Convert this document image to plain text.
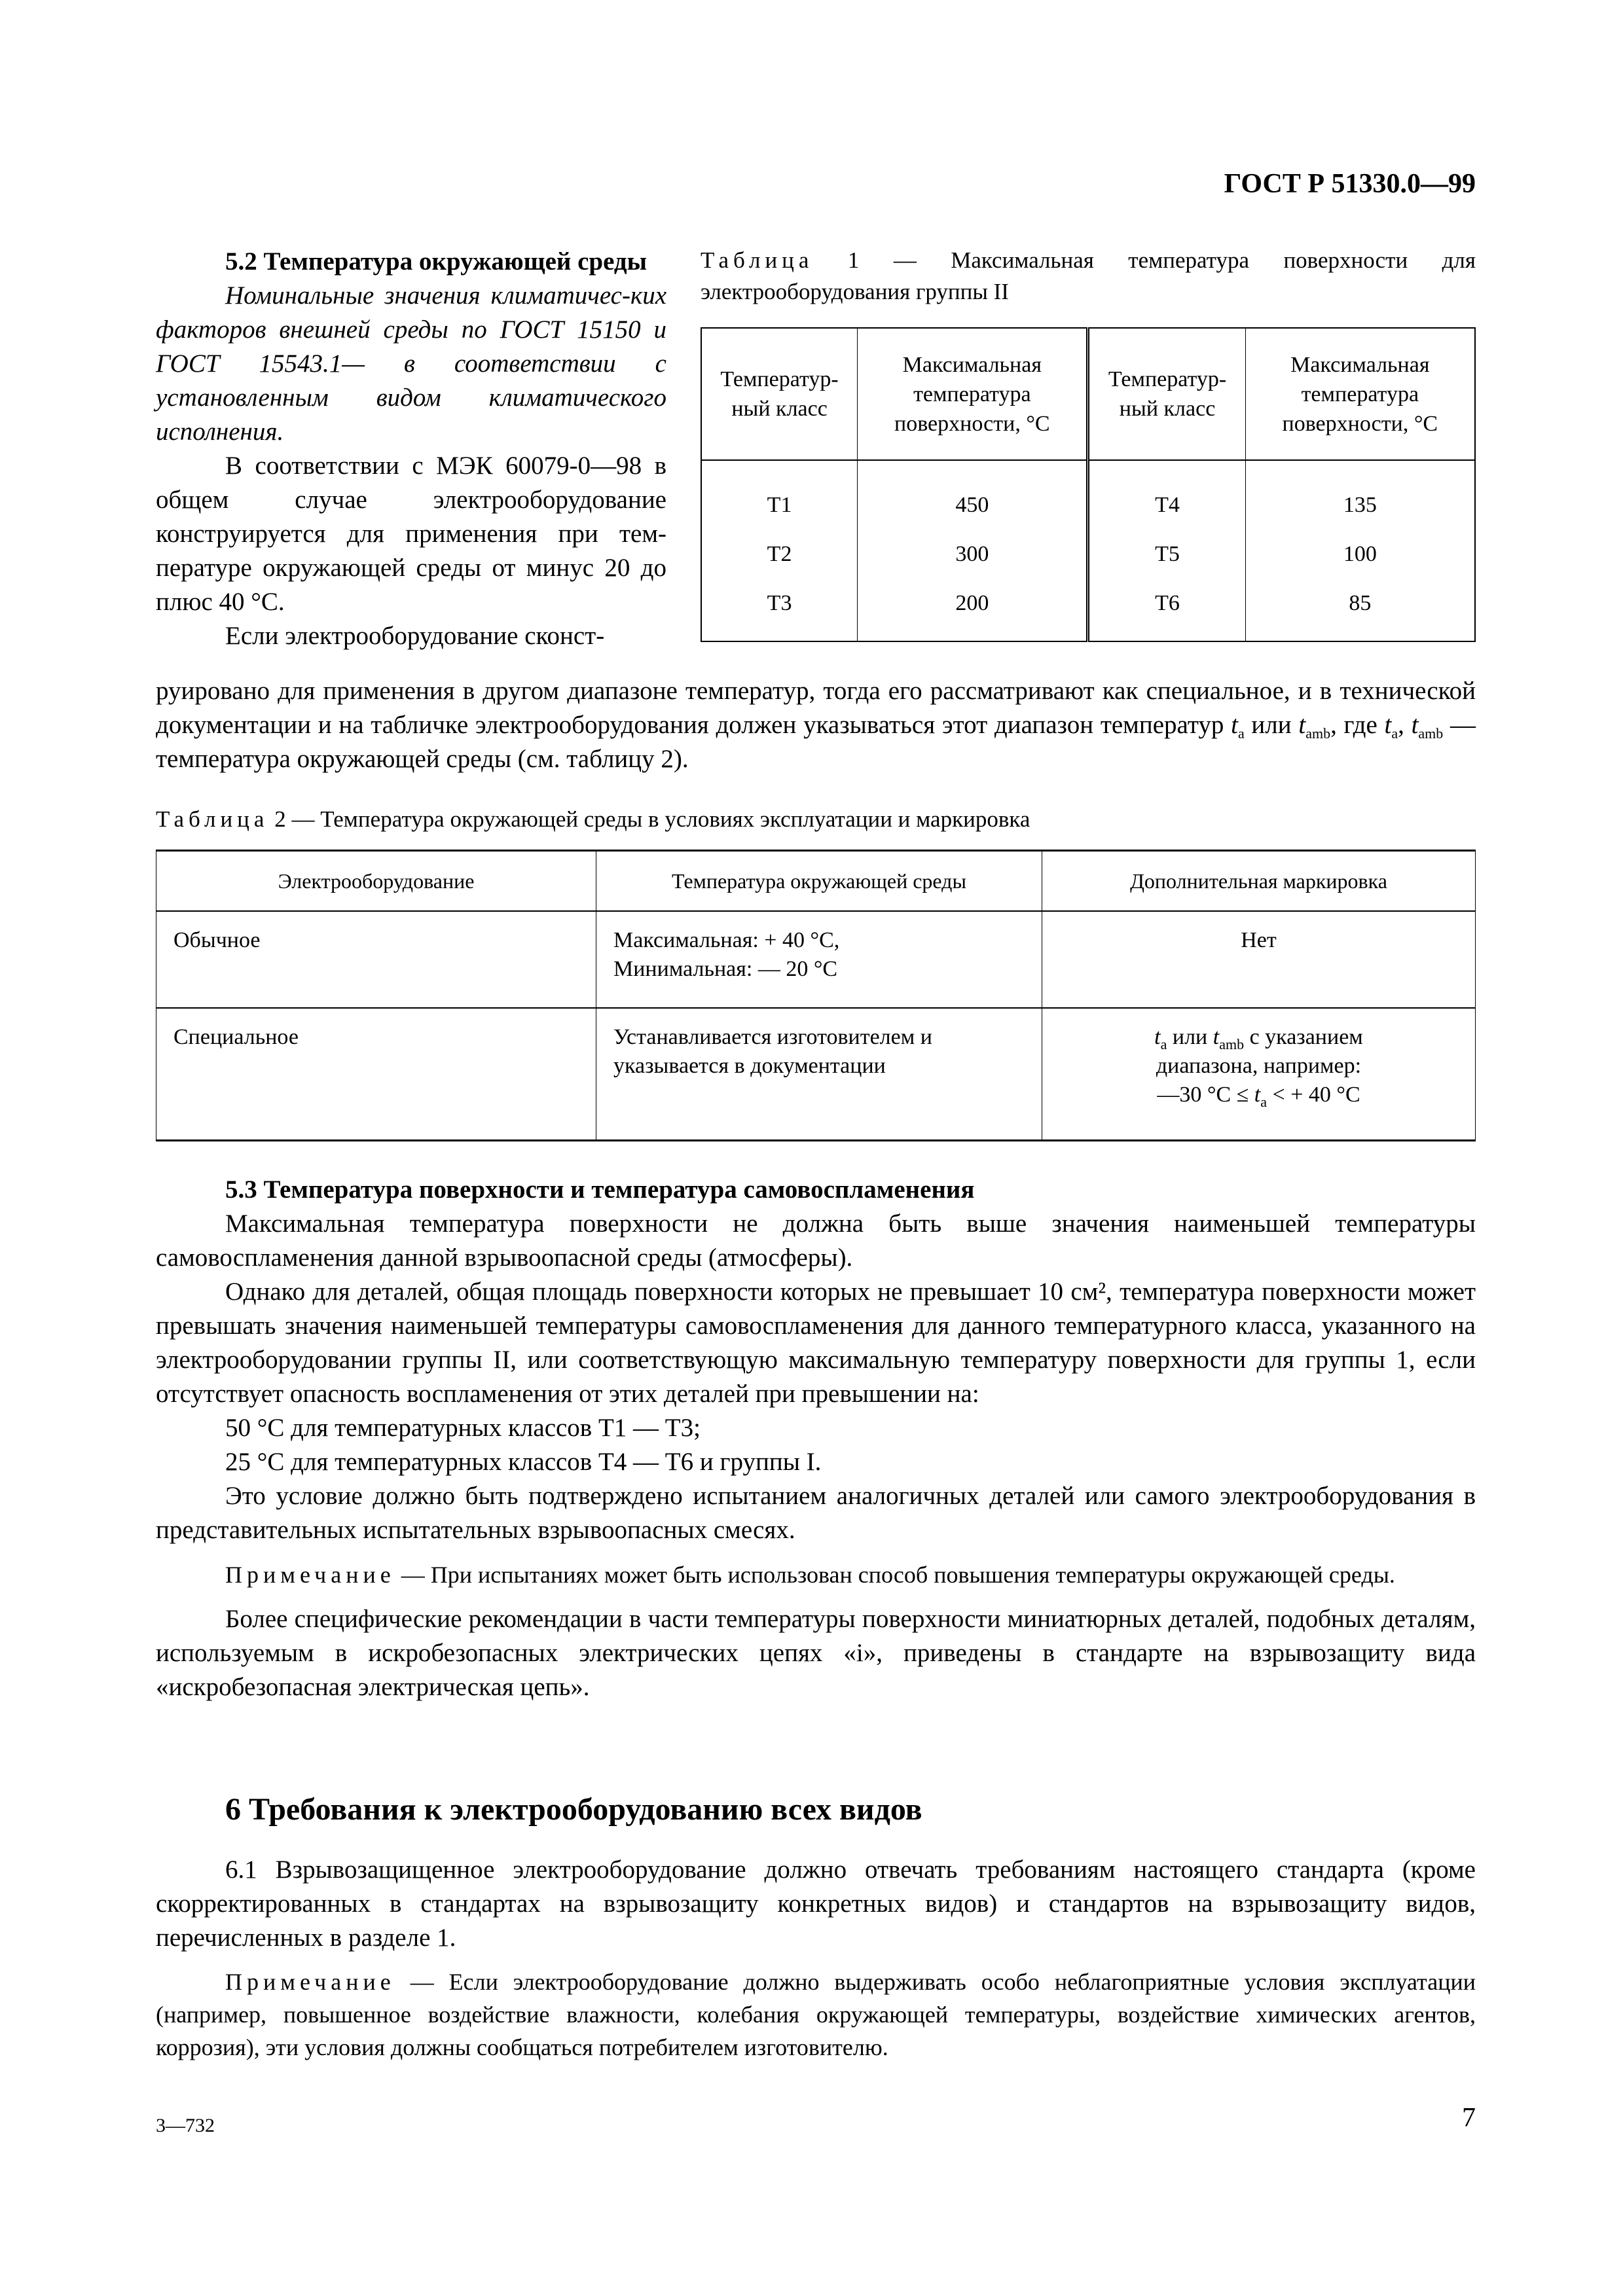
ГОСТ Р 51330.0—99

5.2 Температура окружающей среды

Номинальные значения климатичес-ких факторов внешней среды по ГОСТ 15150 и ГОСТ 15543.1— в соответствии с установленным видом климатического исполнения.

В соответствии с МЭК 60079-0—98 в общем случае электрооборудование конструируется для применения при тем-пературе окружающей среды от минус 20 до плюс 40 °С.

Если электрооборудование сконст-

Таблица 1 — Максимальная температура поверхности для электрооборудования группы II

Температур-ный класс	Максимальная температура поверхности, °С	Температур-ный класс	Максимальная температура поверхности, °С
Т1	450	Т4	135
Т2	300	Т5	100
Т3	200	Т6	85
руировано для применения в другом диапазоне температур, тогда его рассматривают как специальное, и в технической документации и на табличке электрооборудования должен указываться этот диапазон температур $t_a$ или $t_{amb}$, где $t_a$, $t_{amb}$ — температура окружающей среды (см. таблицу 2).

Таблица 2 — Температура окружающей среды в условиях эксплуатации и маркировка

Электрооборудование	Температура окружающей среды	Дополнительная маркировка
Обычное	Максимальная: + 40 °С,
Минимальная: — 20 °С	Нет
Специальное	Устанавливается изготовителем и указывается в документации	$t_a$ или $t_{amb}$ с указанием
диапазона, например:
—30 $^\circ С \le t_a$ < + 40 °С

5.3 Температура поверхности и температура самовоспламенения

Максимальная температура поверхности не должна быть выше значения наименьшей температуры самовоспламенения данной взрывоопасной среды (атмосферы).

Однако для деталей, общая площадь поверхности которых не превышает 10 см², температура поверхности может превышать значения наименьшей температуры самовоспламенения для данного температурного класса, указанного на электрооборудовании группы II, или соответствующую максимальную температуру поверхности для группы 1, если отсутствует опасность воспламенения от этих деталей при превышении на:

50 °С для температурных классов Т1 — Т3;

25 °С для температурных классов Т4 — Т6 и группы I.

Это условие должно быть подтверждено испытанием аналогичных деталей или самого электрооборудования в представительных испытательных взрывоопасных смесях.

Примечание — При испытаниях может быть использован способ повышения температуры окружающей среды.

Более специфические рекомендации в части температуры поверхности миниатюрных деталей, подобных деталям, используемым в искробезопасных электрических цепях «i», приведены в стандарте на взрывозащиту вида «искробезопасная электрическая цепь».

6 Требования к электрооборудованию всех видов

6.1 Взрывозащищенное электрооборудование должно отвечать требованиям настоящего стандарта (кроме скорректированных в стандартах на взрывозащиту конкретных видов) и стандартов на взрывозащиту видов, перечисленных в разделе 1.

Примечание — Если электрооборудование должно выдерживать особо неблагоприятные условия эксплуатации (например, повышенное воздействие влажности, колебания окружающей температуры, воздействие химических агентов, коррозия), эти условия должны сообщаться потребителем изготовителю.

3—732	7
